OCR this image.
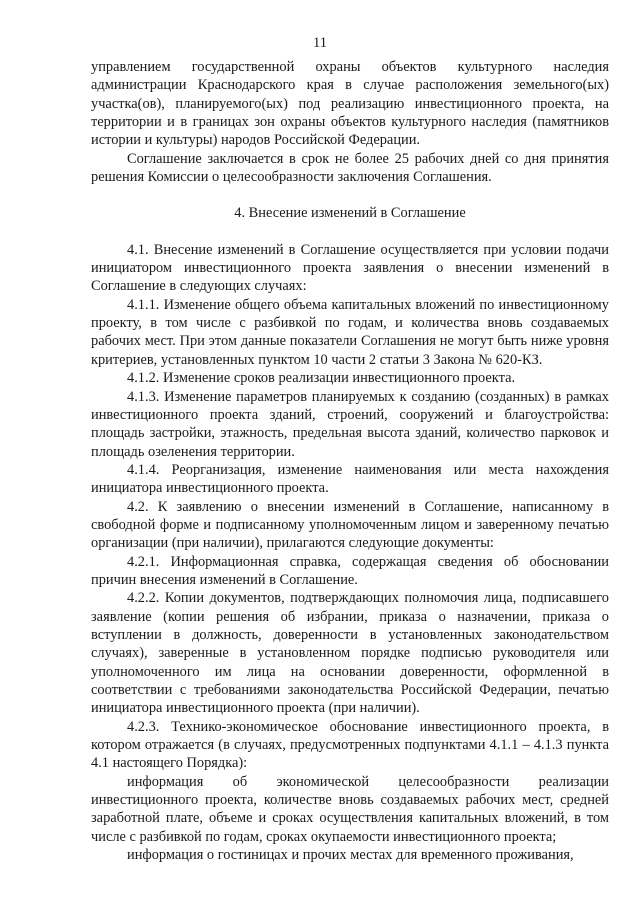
11

управлением государственной охраны объектов культурного наследия администрации Краснодарского края в случае расположения земельного(ых) участка(ов), планируемого(ых) под реализацию инвестиционного проекта, на территории и в границах зон охраны объектов культурного наследия (памятников истории и культуры) народов Российской Федерации.

Соглашение заключается в срок не более 25 рабочих дней со дня принятия решения Комиссии о целесообразности заключения Соглашения.

4. Внесение изменений в Соглашение

4.1. Внесение изменений в Соглашение осуществляется при условии подачи инициатором инвестиционного проекта заявления о внесении изменений в Соглашение в следующих случаях:

4.1.1. Изменение общего объема капитальных вложений по инвестиционному проекту, в том числе с разбивкой по годам, и количества вновь создаваемых рабочих мест. При этом данные показатели Соглашения не могут быть ниже уровня критериев, установленных пунктом 10 части 2 статьи 3 Закона № 620-КЗ.

4.1.2. Изменение сроков реализации инвестиционного проекта.

4.1.3. Изменение параметров планируемых к созданию (созданных) в рамках инвестиционного проекта зданий, строений, сооружений и благоустройства: площадь застройки, этажность, предельная высота зданий, количество парковок и площадь озеленения территории.

4.1.4. Реорганизация, изменение наименования или места нахождения инициатора инвестиционного проекта.

4.2. К заявлению о внесении изменений в Соглашение, написанному в свободной форме и подписанному уполномоченным лицом и заверенному печатью организации (при наличии), прилагаются следующие документы:

4.2.1. Информационная справка, содержащая сведения об обосновании причин внесения изменений в Соглашение.

4.2.2. Копии документов, подтверждающих полномочия лица, подписавшего заявление (копии решения об избрании, приказа о назначении, приказа о вступлении в должность, доверенности в установленных законодательством случаях), заверенные в установленном порядке подписью руководителя или уполномоченного им лица на основании доверенности, оформленной в соответствии с требованиями законодательства Российской Федерации, печатью инициатора инвестиционного проекта (при наличии).

4.2.3. Технико-экономическое обоснование инвестиционного проекта, в котором отражается (в случаях, предусмотренных подпунктами 4.1.1 – 4.1.3 пункта 4.1 настоящего Порядка):

информация об экономической целесообразности реализации инвестиционного проекта, количестве вновь создаваемых рабочих мест, средней заработной плате, объеме и сроках осуществления капитальных вложений, в том числе с разбивкой по годам, сроках окупаемости инвестиционного проекта;

информация о гостиницах и прочих местах для временного проживания,
